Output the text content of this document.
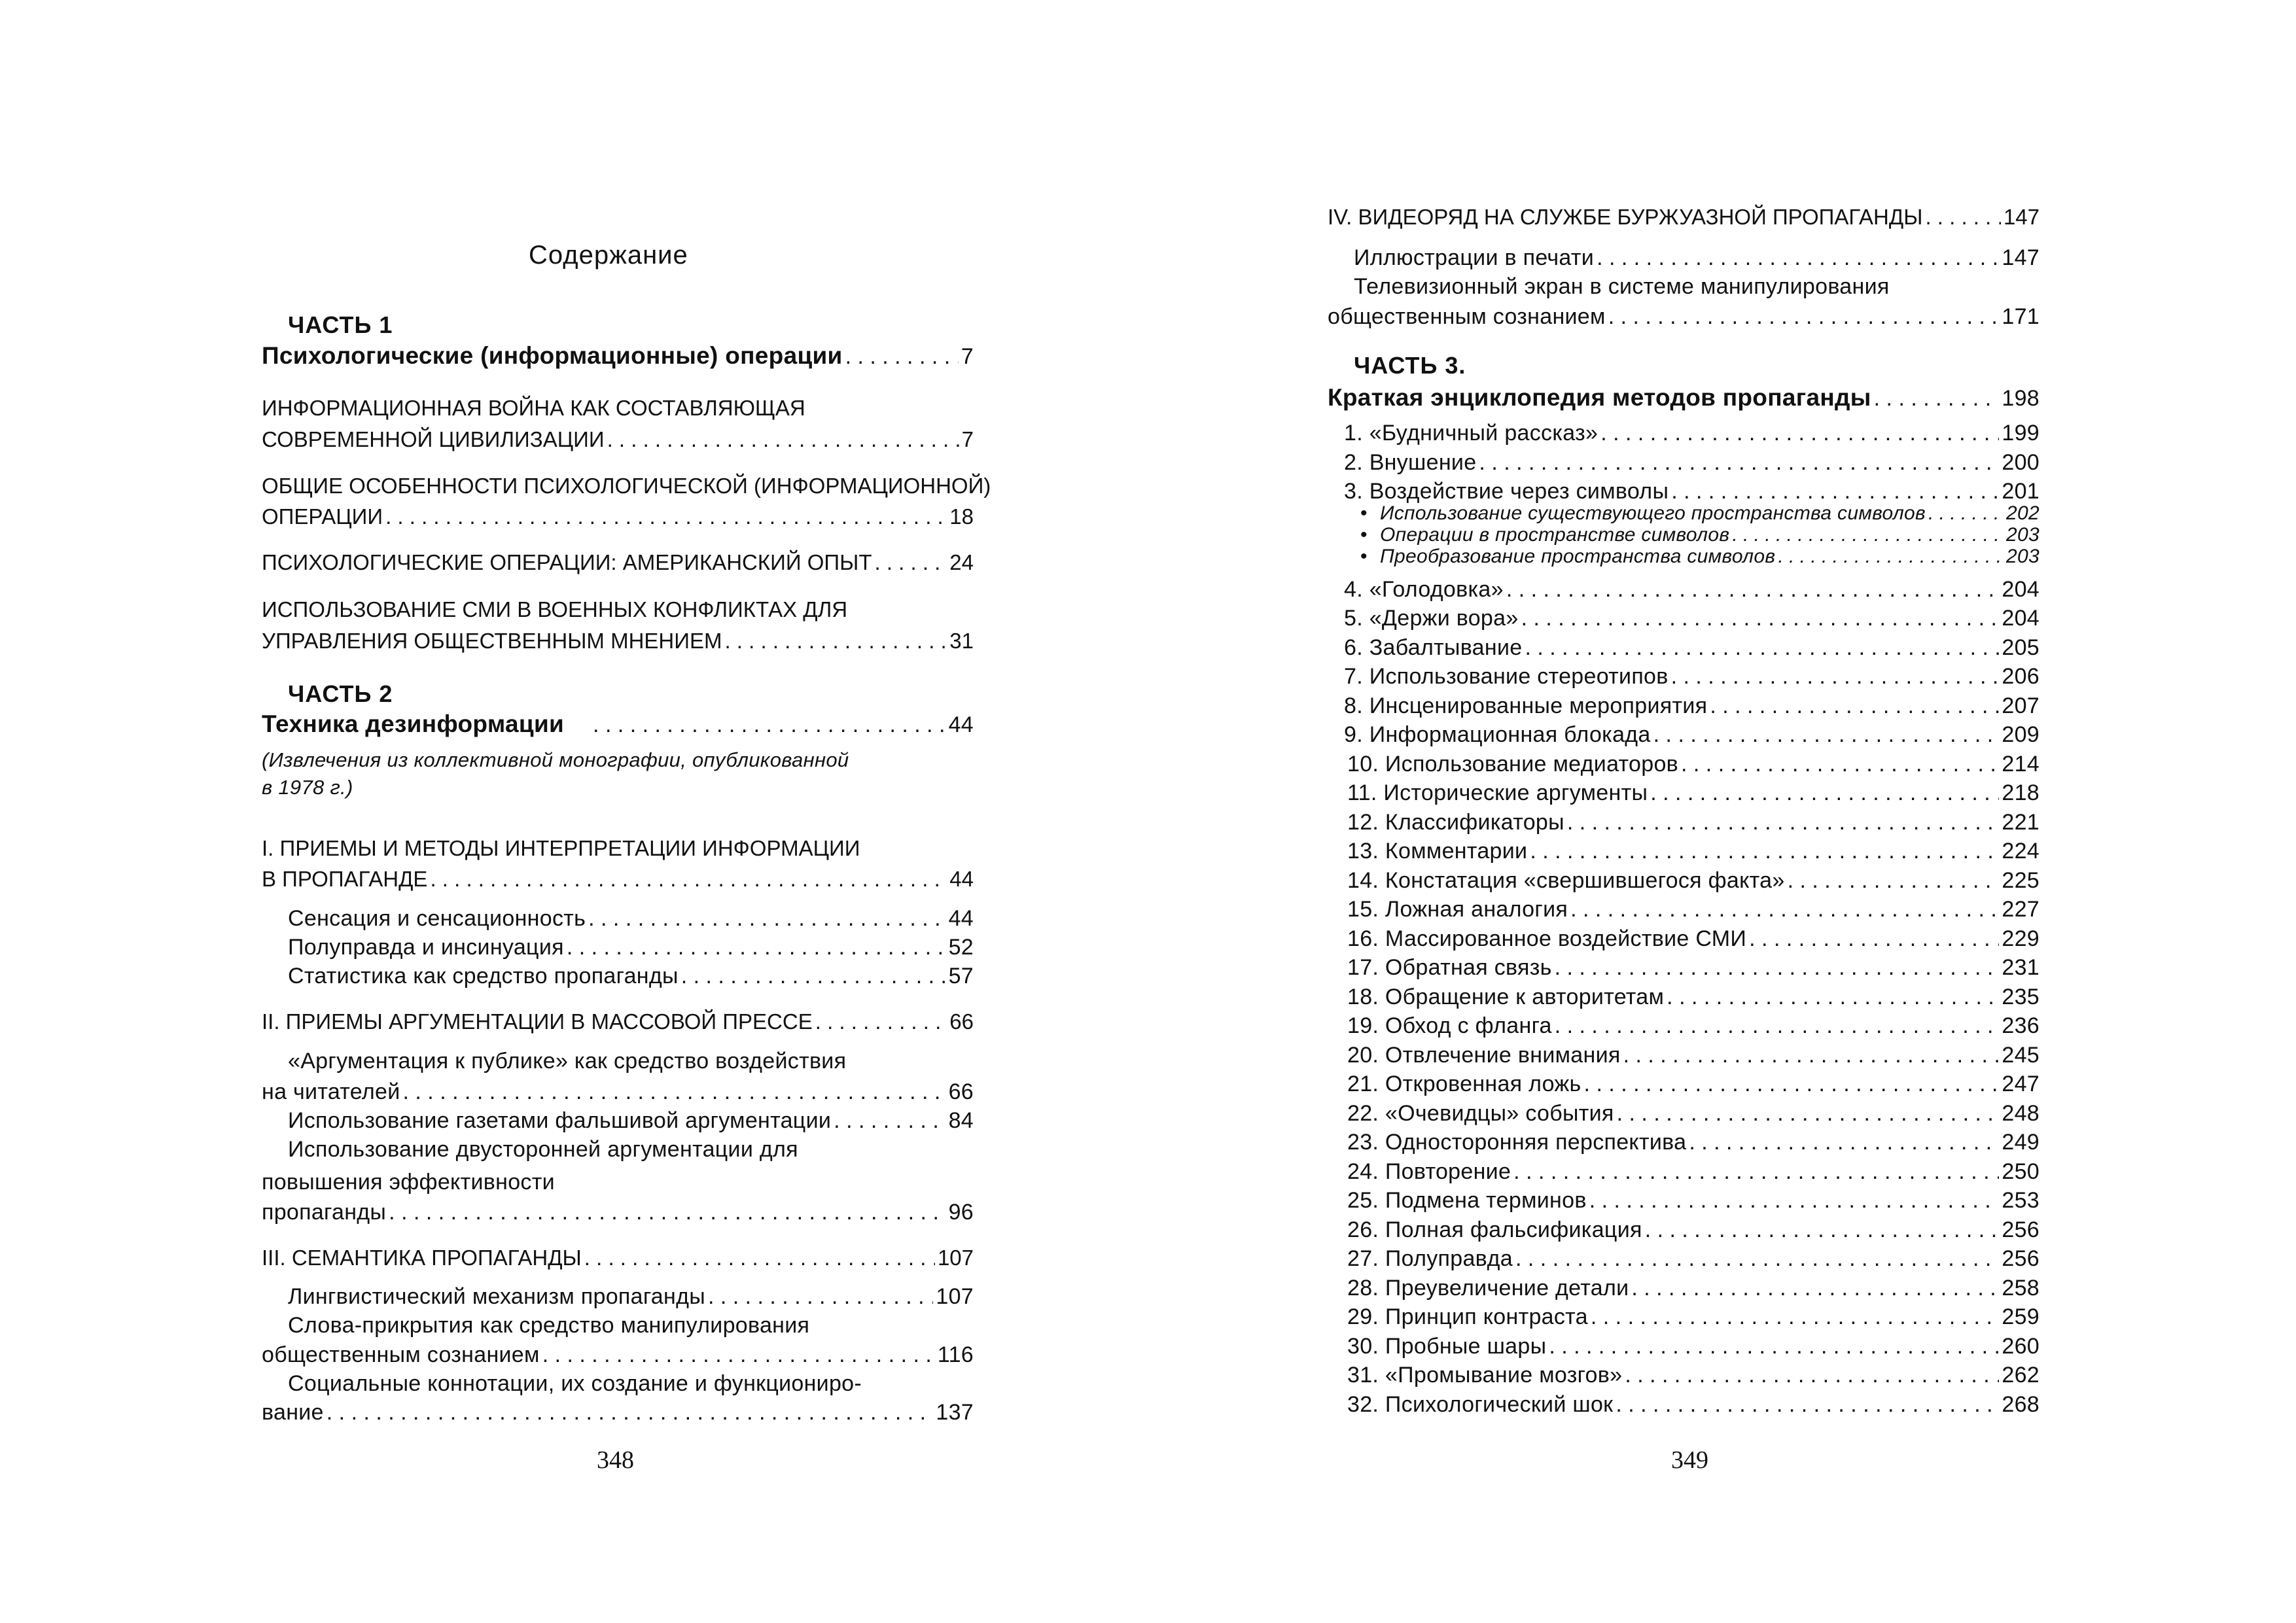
Содержание
ЧАСТЬ 1
Психологические (информационные) операции . . .	7
ИНФОРМАЦИОННАЯ ВОЙНА КАК СОСТАВЛЯЮЩАЯ
СОВРЕМЕННОЙ ЦИВИЛИЗАЦИИ . . .	7
ОБЩИЕ ОСОБЕННОСТИ ПСИХОЛОГИЧЕСКОЙ (ИНФОРМАЦИОННОЙ)
ОПЕРАЦИИ . . .	18
ПСИХОЛОГИЧЕСКИЕ ОПЕРАЦИИ: АМЕРИКАНСКИЙ ОПЫТ . . .	24
ИСПОЛЬЗОВАНИЕ СМИ В ВОЕННЫХ КОНФЛИКТАХ ДЛЯ
УПРАВЛЕНИЯ ОБЩЕСТВЕННЫМ МНЕНИЕМ . . .	31
ЧАСТЬ 2
Техника дезинформации . . .	44
(Извлечения из коллективной монографии, опубликованной
в 1978 г.)
I. ПРИЕМЫ И МЕТОДЫ ИНТЕРПРЕТАЦИИ ИНФОРМАЦИИ
В ПРОПАГАНДЕ . . .	44
Сенсация и сенсационность . . .	44
Полуправда и инсинуация . . .	52
Статистика как средство пропаганды . . .	57
II. ПРИЕМЫ АРГУМЕНТАЦИИ В МАССОВОЙ ПРЕССЕ . . .	66
«Аргументация к публике» как средство воздействия
на читателей . . .	66
Использование газетами фальшивой аргументации . . .	84
Использование двусторонней аргументации для
повышения эффективности
пропаганды . . .	96
III. СЕМАНТИКА ПРОПАГАНДЫ . . .	107
Лингвистический механизм пропаганды . . .	107
Слова-прикрытия как средство манипулирования
общественным сознанием . . .	116
Социальные коннотации, их создание и функциониро-
вание . . .	137
348
IV. ВИДЕОРЯД НА СЛУЖБЕ БУРЖУАЗНОЙ ПРОПАГАНДЫ . . .	147
Иллюстрации в печати . . .	147
Телевизионный экран в системе манипулирования
общественным сознанием . . .	171
ЧАСТЬ 3.
Краткая энциклопедия методов пропаганды . . .	198
1. «Будничный рассказ» . . .	199
2. Внушение . . .	200
3. Воздействие через символы . . .	201
Использование существующего пространства символов . . .	202
•
Операции в пространстве символов . . .	203
•
Преобразование пространства символов . . .	203
•
4. «Голодовка» . . .	204
5. «Держи вора» . . .	204
6. Забалтывание . . .	205
7. Использование стереотипов . . .	206
8. Инсценированные мероприятия . . .	207
9. Информационная блокада . . .	209
10. Использование медиаторов . . .	214
11. Исторические аргументы . . .	218
12. Классификаторы . . .	221
13. Комментарии . . .	224
14. Констатация «свершившегося факта» . . .	225
15. Ложная аналогия . . .	227
16. Массированное воздействие СМИ . . .	229
17. Обратная связь . . .	231
18. Обращение к авторитетам . . .	235
19. Обход с фланга . . .	236
20. Отвлечение внимания . . .	245
21. Откровенная ложь . . .	247
22. «Очевидцы» события . . .	248
23. Односторонняя перспектива . . .	249
24. Повторение . . .	250
25. Подмена терминов . . .	253
26. Полная фальсификация . . .	256
27. Полуправда . . .	256
28. Преувеличение детали . . .	258
29. Принцип контраста . . .	259
30. Пробные шары . . .	260
31. «Промывание мозгов» . . .	262
32. Психологический шок . . .	268
349
